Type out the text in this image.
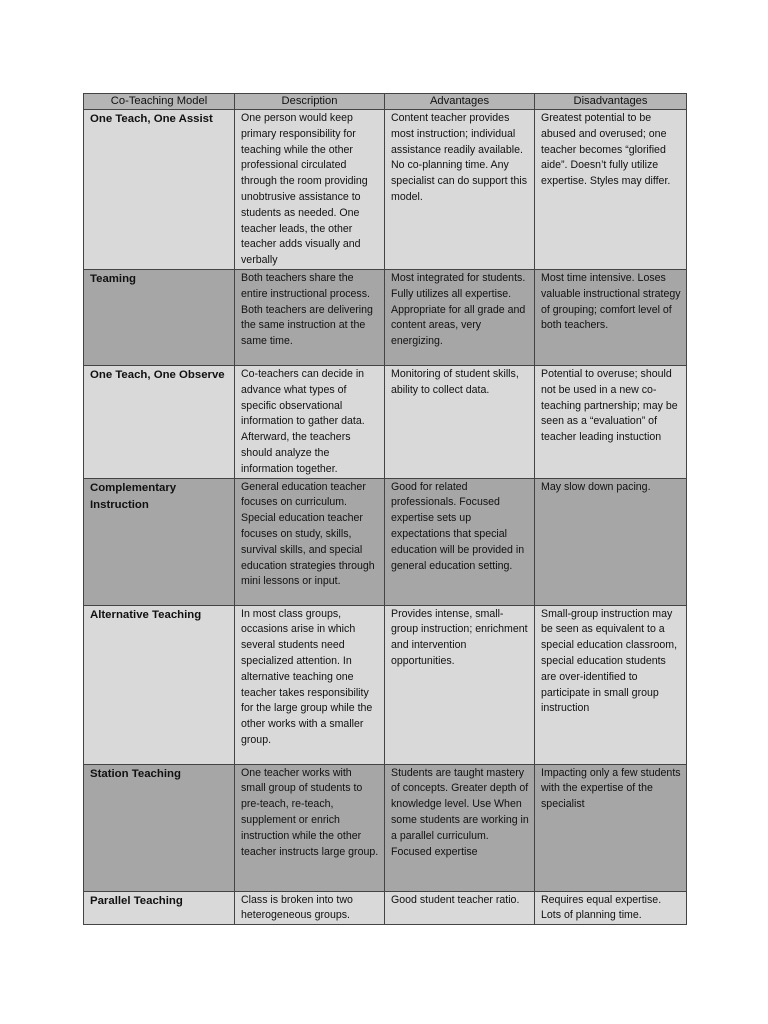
Co-Teaching Model	Description	Advantages	Disadvantages
One Teach, One Assist	One person would keep primary responsibility for teaching while the other professional circulated through the room providing unobtrusive assistance to students as needed. One teacher leads, the other teacher adds visually and verbally	Content teacher provides most instruction; individual assistance readily available. No co-planning time. Any specialist can do support this model.	Greatest potential to be abused and overused; one teacher becomes “glorified aide”. Doesn’t fully utilize expertise. Styles may differ.
Teaming	Both teachers share the entire instructional process. Both teachers are delivering the same instruction at the same time.	Most integrated for students. Fully utilizes all expertise. Appropriate for all grade and content areas, very energizing.	Most time intensive. Loses valuable instructional strategy of grouping; comfort level of both teachers.
One Teach, One Observe	Co-teachers can decide in advance what types of specific observational information to gather data. Afterward, the teachers should analyze the information together.	Monitoring of student skills, ability to collect data.	Potential to overuse; should not be used in a new co-teaching partnership; may be seen as a “evaluation” of teacher leading instuction
Complementary Instruction	General education teacher focuses on curriculum. Special education teacher focuses on study, skills, survival skills, and special education strategies through mini lessons or input.	Good for related professionals. Focused expertise sets up expectations that special education will be provided in general education setting.	May slow down pacing.
Alternative Teaching	In most class groups, occasions arise in which several students need specialized attention. In alternative teaching one teacher takes responsibility for the large group while the other works with a smaller group.	Provides intense, small-group instruction; enrichment and intervention opportunities.	Small-group instruction may be seen as equivalent to a special education classroom, special education students are over-identified to participate in small group instruction
Station Teaching	One teacher works with small group of students to pre-teach, re-teach, supplement or enrich instruction while the other teacher instructs large group.	Students are taught mastery of concepts. Greater depth of knowledge level. Use When some students are working in a parallel curriculum. Focused expertise	Impacting only a few students with the expertise of the specialist
Parallel Teaching	Class is broken into two heterogeneous groups.	Good student teacher ratio.	Requires equal expertise. Lots of planning time.
